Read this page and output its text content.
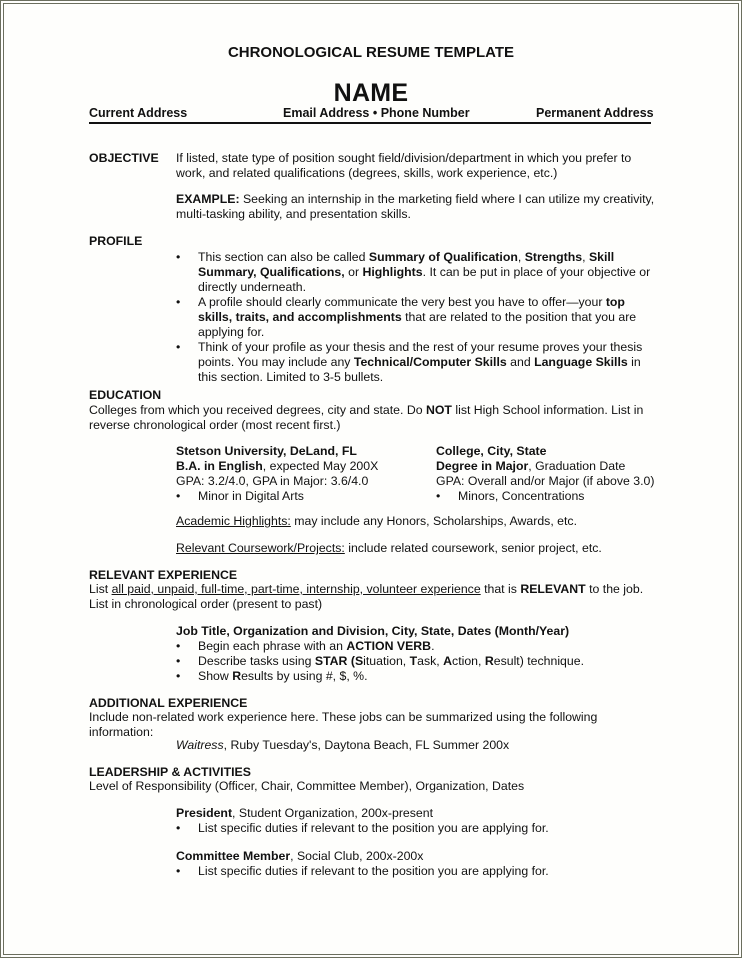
CHRONOLOGICAL RESUME TEMPLATE
NAME
Current Address	Email Address • Phone Number	Permanent Address
OBJECTIVE If listed, state type of position sought field/division/department in which you prefer to
work, and related qualifications (degrees, skills, work experience, etc.)
EXAMPLE: Seeking an internship in the marketing field where I can utilize my creativity,
multi-tasking ability, and presentation skills.
PROFILE
• This section can also be called Summary of Qualification, Strengths, Skill
Summary, Qualifications, or Highlights. It can be put in place of your objective or
directly underneath.
• A profile should clearly communicate the very best you have to offer—your top
skills, traits, and accomplishments that are related to the position that you are
applying for.
• Think of your profile as your thesis and the rest of your resume proves your thesis
points. You may include any Technical/Computer Skills and Language Skills in
this section. Limited to 3-5 bullets.
EDUCATION
Colleges from which you received degrees, city and state. Do NOT list High School information. List in
reverse chronological order (most recent first.)
Stetson University, DeLand, FL
B.A. in English, expected May 200X
GPA: 3.2/4.0, GPA in Major: 3.6/4.0
• Minor in Digital Arts
College, City, State
Degree in Major, Graduation Date
GPA: Overall and/or Major (if above 3.0)
• Minors, Concentrations
Academic Highlights: may include any Honors, Scholarships, Awards, etc.
Relevant Coursework/Projects: include related coursework, senior project, etc.
RELEVANT EXPERIENCE
List all paid, unpaid, full-time, part-time, internship, volunteer experience that is RELEVANT to the job.
List in chronological order (present to past)
Job Title, Organization and Division, City, State, Dates (Month/Year)
• Begin each phrase with an ACTION VERB.
• Describe tasks using STAR (Situation, Task, Action, Result) technique.
• Show Results by using #, $, %.
ADDITIONAL EXPERIENCE
Include non-related work experience here. These jobs can be summarized using the following
information:
Waitress, Ruby Tuesday's, Daytona Beach, FL Summer 200x
LEADERSHIP & ACTIVITIES
Level of Responsibility (Officer, Chair, Committee Member), Organization, Dates
President, Student Organization, 200x-present
• List specific duties if relevant to the position you are applying for.
Committee Member, Social Club, 200x-200x
• List specific duties if relevant to the position you are applying for.
